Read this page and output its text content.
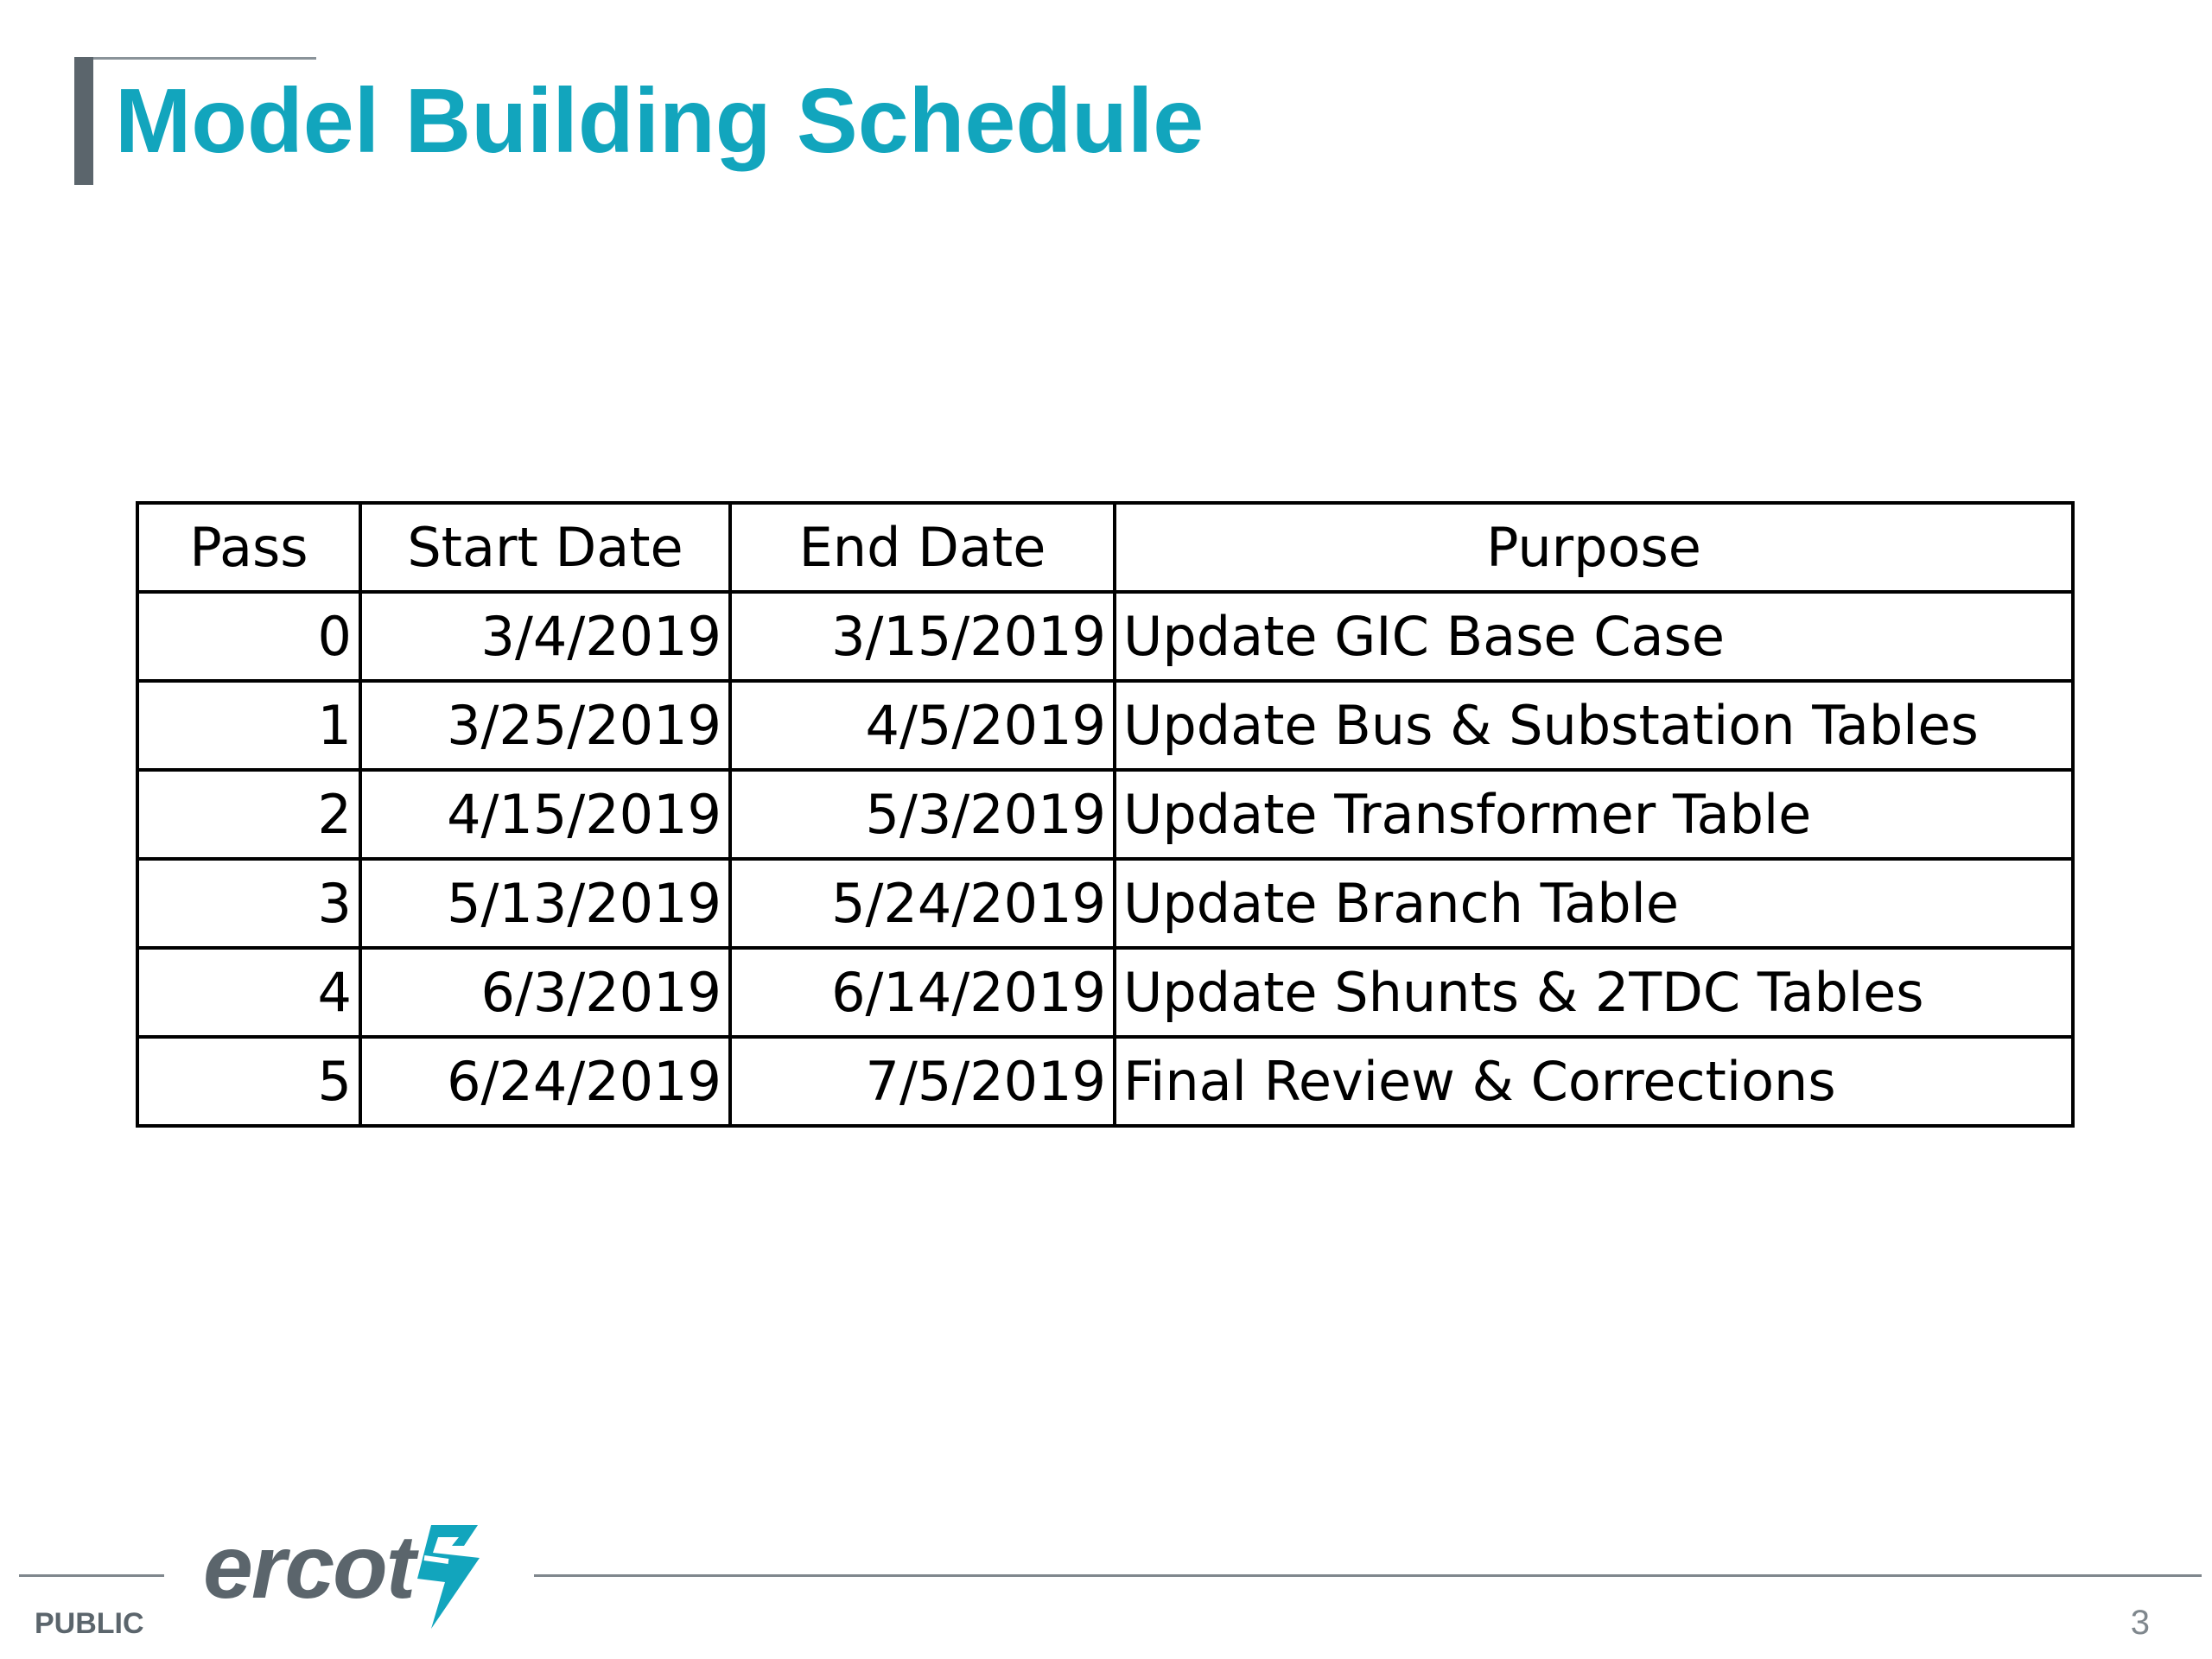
Model Building Schedule
Pass	Start Date	End Date	Purpose
0	3/4/2019	3/15/2019	Update GIC Base Case
1	3/25/2019	4/5/2019	Update Bus & Substation Tables
2	4/15/2019	5/3/2019	Update Transformer Table
3	5/13/2019	5/24/2019	Update Branch Table
4	6/3/2019	6/14/2019	Update Shunts & 2TDC Tables
5	6/24/2019	7/5/2019	Final Review & Corrections
ercot
PUBLIC	3
